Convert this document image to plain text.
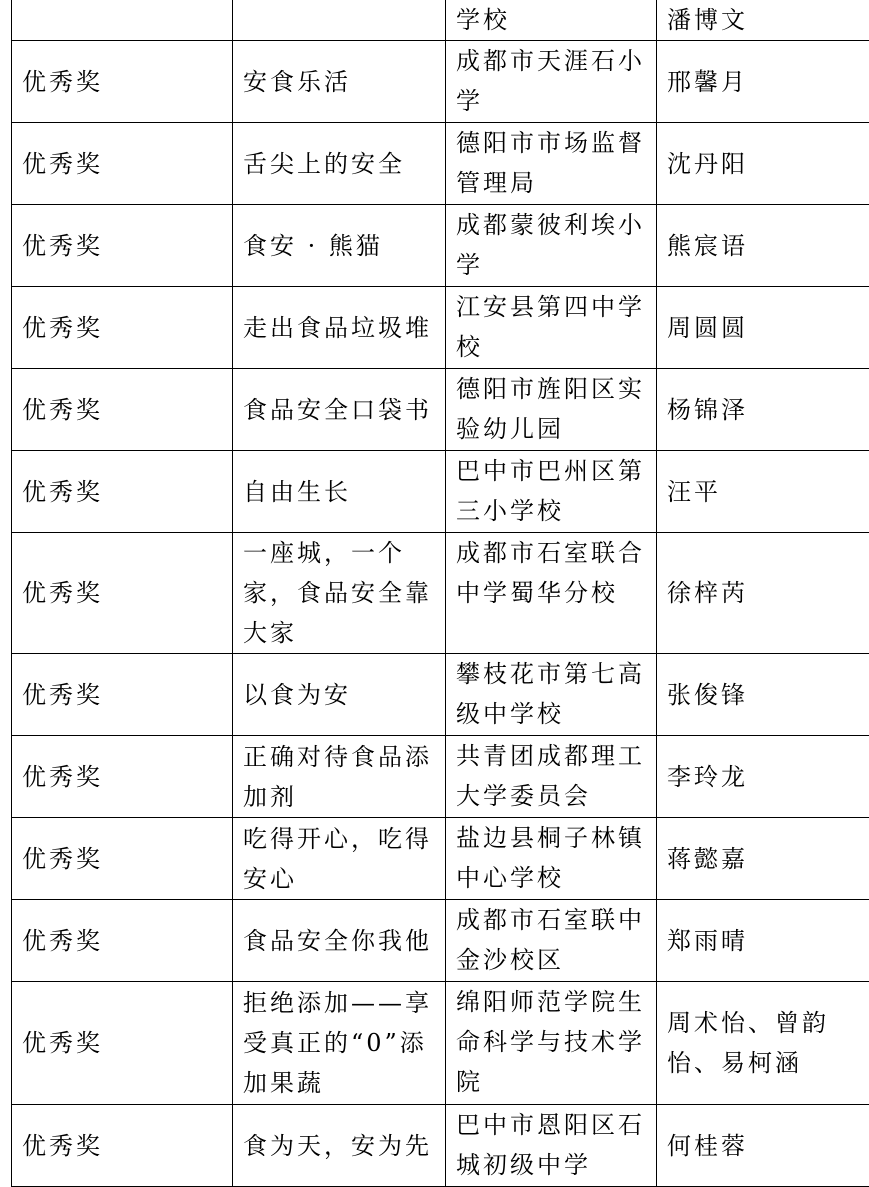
		学校	潘博文
优秀奖	安食乐活	成都市天涯石小学	邢馨月
优秀奖	舌尖上的安全	德阳市市场监督管理局	沈丹阳
优秀奖	食安 · 熊猫	成都蒙彼利埃小学	熊宸语
优秀奖	走出食品垃圾堆	江安县第四中学校	周圆圆
优秀奖	食品安全口袋书	德阳市旌阳区实验幼儿园	杨锦泽
优秀奖	自由生长	巴中市巴州区第三小学校	汪平
优秀奖	一座城，一个家，食品安全靠大家	成都市石室联合中学蜀华分校	徐梓芮
优秀奖	以食为安	攀枝花市第七高级中学校	张俊锋
优秀奖	正确对待食品添加剂	共青团成都理工大学委员会	李玲龙
优秀奖	吃得开心，吃得安心	盐边县桐子林镇中心学校	蒋懿嘉
优秀奖	食品安全你我他	成都市石室联中金沙校区	郑雨晴
优秀奖	拒绝添加——享受真正的“0”添加果蔬	绵阳师范学院生命科学与技术学院	周术怡、曾韵怡、易柯涵
优秀奖	食为天，安为先	巴中市恩阳区石城初级中学	何桂蓉
